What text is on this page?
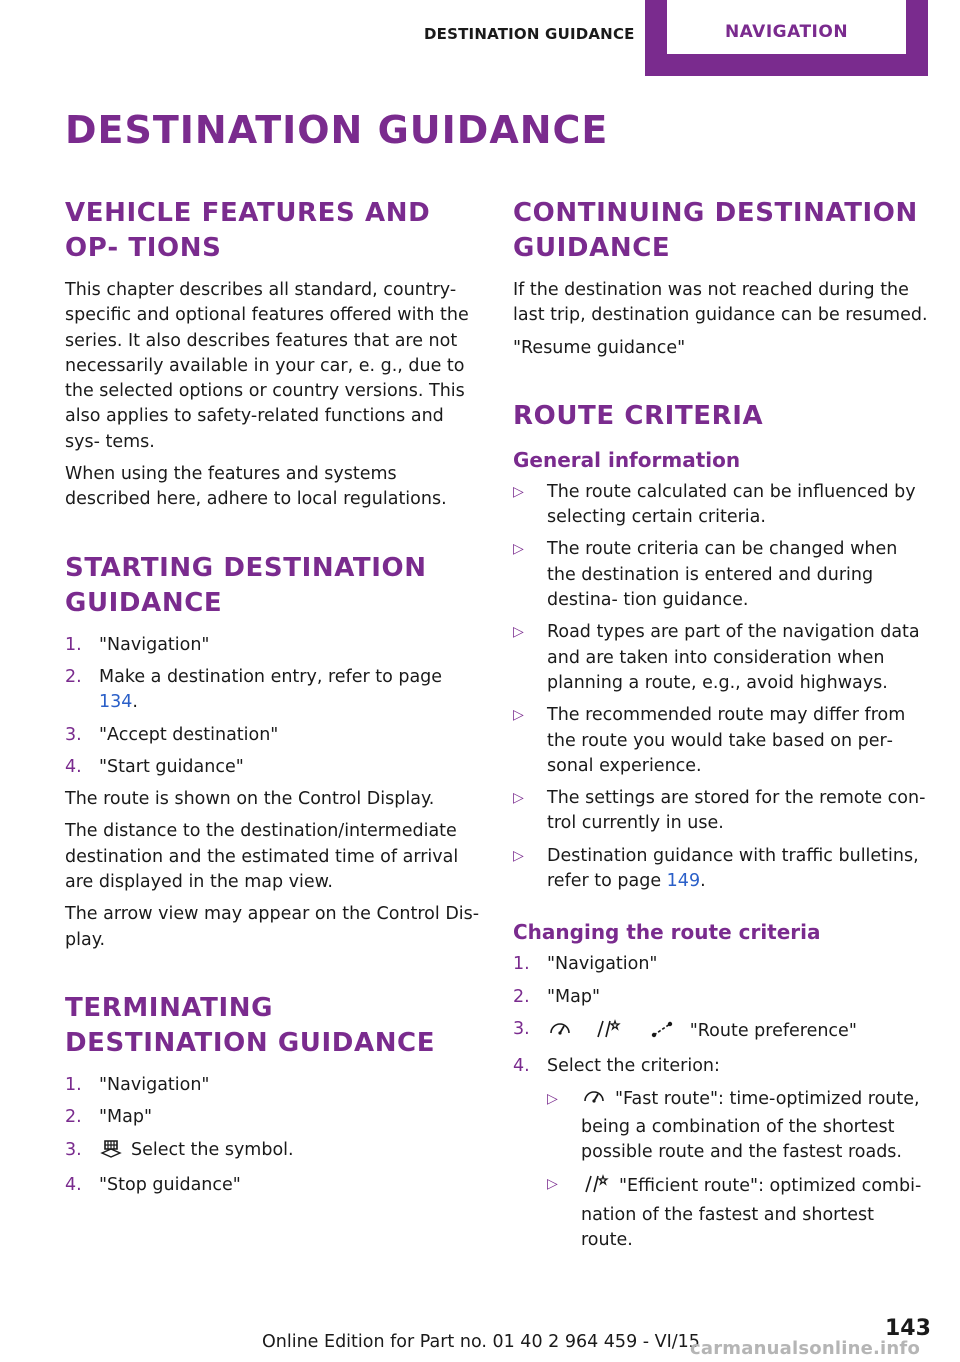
DESTINATION GUIDANCE	NAVIGATION
DESTINATION GUIDANCE
VEHICLE FEATURES AND OP‐ TIONS

This chapter describes all standard, country-specific and optional features offered with the series. It also describes features that are not necessarily available in your car, e. g., due to the selected options or country versions. This also applies to safety-related functions and sys‐ tems.

When using the features and systems described here, adhere to local regulations.

STARTING DESTINATION GUIDANCE
1. "Navigation"
2. Make a destination entry, refer to page 134.
3. "Accept destination"
4. "Start guidance"

The route is shown on the Control Display.

The distance to the destination/intermediate destination and the estimated time of arrival are displayed in the map view.

The arrow view may appear on the Control Dis‐ play.

TERMINATING DESTINATION GUIDANCE
1. "Navigation"
2. "Map"
3.	Select the symbol.
4. "Stop guidance"
CONTINUING DESTINATION GUIDANCE

If the destination was not reached during the last trip, destination guidance can be resumed.

"Resume guidance"

ROUTE CRITERIA
General information
▷ The route calculated can be influenced by selecting certain criteria.
▷ The route criteria can be changed when the destination is entered and during destina‐ tion guidance.
▷ Road types are part of the navigation data and are taken into consideration when planning a route, e.g., avoid highways.
▷ The recommended route may differ from the route you would take based on per‐ sonal experience.
▷ The settings are stored for the remote con‐ trol currently in use.
▷ Destination guidance with traffic bulletins, refer to page 149.
Changing the route criteria
1. "Navigation"
2. "Map"
3.	"Route preference"
4. Select the criterion:
▷	"Fast route": time-optimized route, being a combination of the shortest possible route and the fastest roads.
▷	"Efficient route": optimized combi‐ nation of the fastest and shortest route.
Online Edition for Part no. 01 40 2 964 459 - VI/15
143
carmanualsonline.info
